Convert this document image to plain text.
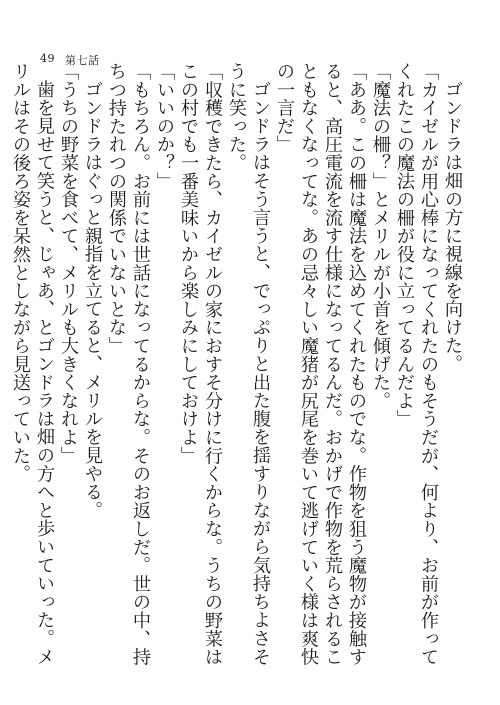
49 第七話

ゴンドラは畑の方に視線を向けた。

「カイゼルが用心棒になってくれたのもそうだが、何より、お前が作ってくれたこの魔法の柵が役に立ってるんだよ」

「魔法の柵？」とメリルが小首を傾げた。

「ああ。この柵は魔法を込めてくれたものでな。作物を狙う魔物が接触すると、高圧電流を流す仕様になってるんだ。おかげで作物を荒らされることもなくなってな。あの忌々しい魔猪が尻尾を巻いて逃げていく様は爽快の一言だ」

ゴンドラはそう言うと、でっぷりと出た腹を揺すりながら気持ちよさそうに笑った。

「収穫できたら、カイゼルの家におすそ分けに行くからな。うちの野菜はこの村でも一番美味いから楽しみにしておけよ」

「いいのか？」

「もちろん。お前には世話になってるからな。そのお返しだ。世の中、持ちつ持たれつの関係でいないとな」

ゴンドラはぐっと親指を立てると、メリルを見やる。

「うちの野菜を食べて、メリルも大きくなれよ」

歯を見せて笑うと、じゃあ、とゴンドラは畑の方へと歩いていった。メリルはその後ろ姿を呆然としながら見送っていた。
